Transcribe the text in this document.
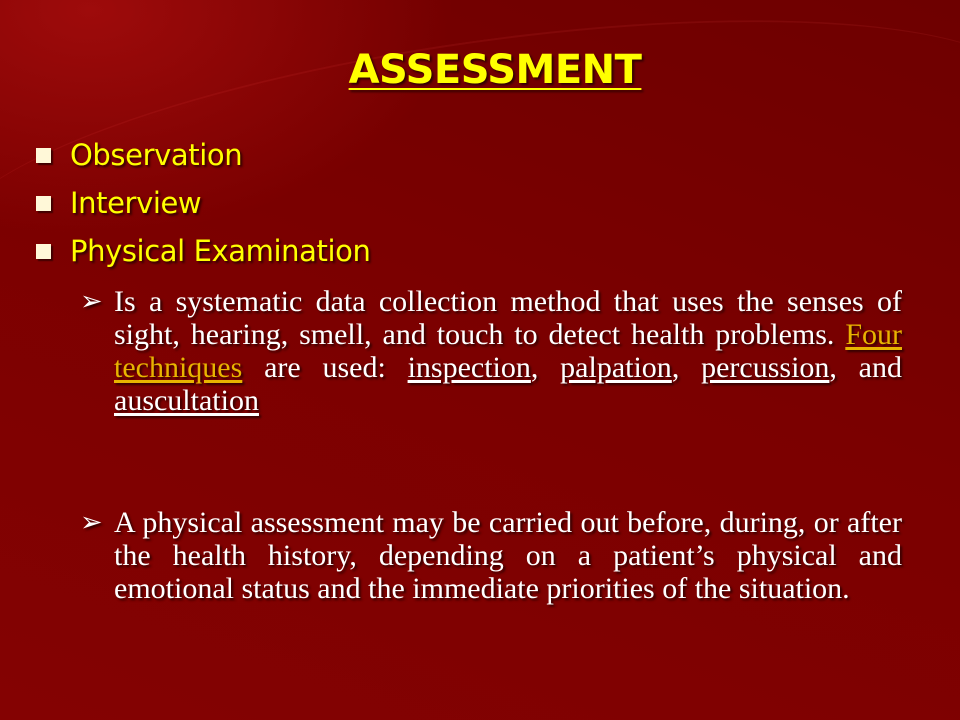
ASSESSMENT
Observation
Interview
Physical Examination

➢ Is a systematic data collection method that uses the senses of sight, hearing, smell, and touch to detect health problems. Four techniques are used: inspection, palpation, percussion, and auscultation

➢ A physical assessment may be carried out before, during, or after the health history, depending on a patient’s physical and emotional status and the immediate priorities of the situation.
